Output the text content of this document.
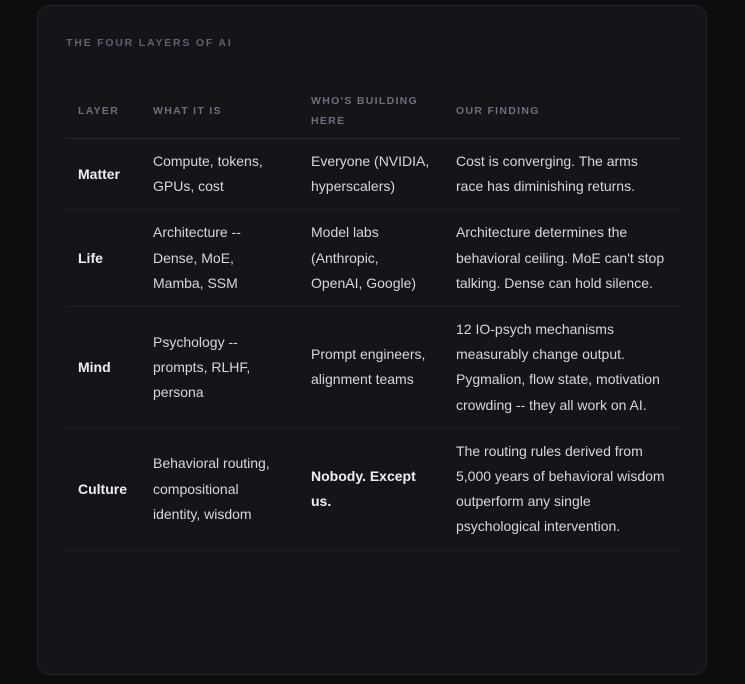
THE FOUR LAYERS OF AI
LAYER	WHAT IT IS	WHO'S BUILDING HERE	OUR FINDING
Matter	Compute, tokens, GPUs, cost	Everyone (NVIDIA, hyperscalers)	Cost is converging. The arms race has diminishing returns.
Life	Architecture -- Dense, MoE, Mamba, SSM	Model labs (Anthropic, OpenAI, Google)	Architecture determines the behavioral ceiling. MoE can't stop talking. Dense can hold silence.
Mind	Psychology -- prompts, RLHF, persona	Prompt engineers, alignment teams	12 IO-psych mechanisms measurably change output. Pygmalion, flow state, motivation crowding -- they all work on AI.
Culture	Behavioral routing, compositional identity, wisdom	Nobody. Except us.	The routing rules derived from 5,000 years of behavioral wisdom outperform any single psychological intervention.
